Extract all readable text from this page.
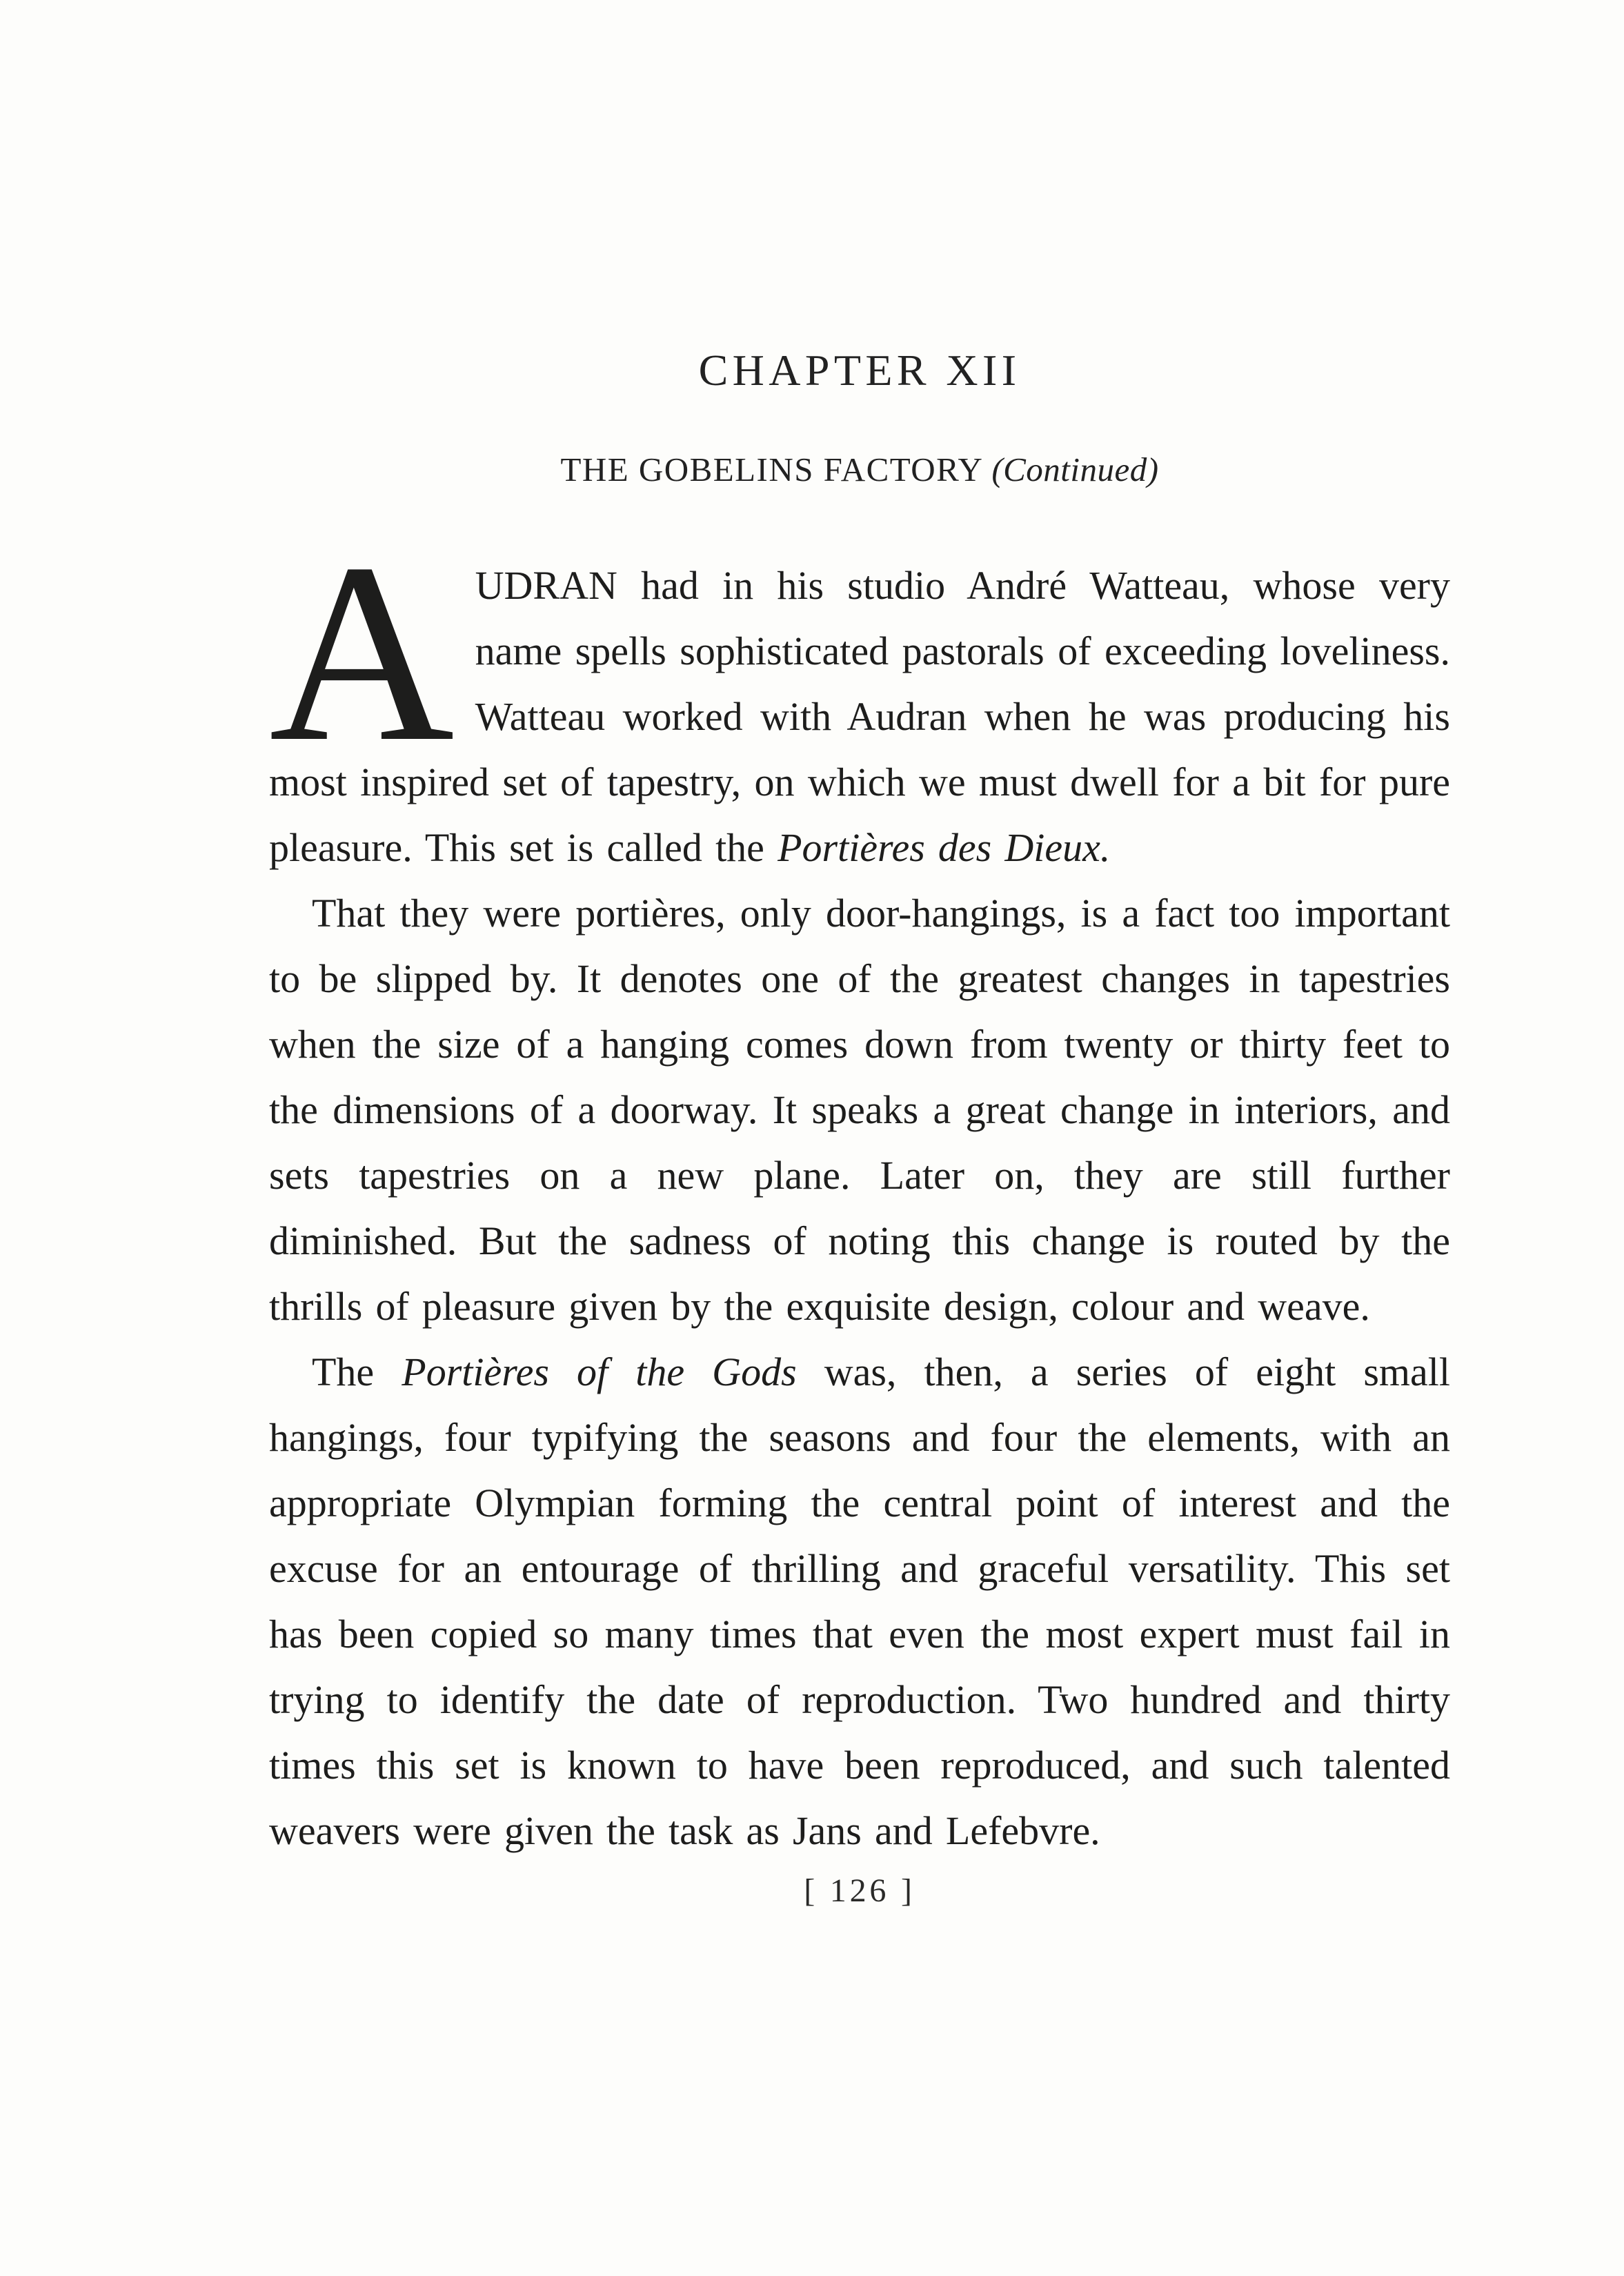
CHAPTER XII
THE GOBELINS FACTORY (Continued)

AUDRAN had in his studio André Watteau, whose very name spells sophisticated pastorals of exceeding loveliness. Watteau worked with Audran when he was producing his most inspired set of tapestry, on which we must dwell for a bit for pure pleasure. This set is called the Portières des Dieux.

That they were portières, only door-hangings, is a fact too important to be slipped by. It denotes one of the greatest changes in tapestries when the size of a hanging comes down from twenty or thirty feet to the dimensions of a doorway. It speaks a great change in interiors, and sets tapestries on a new plane. Later on, they are still further diminished. But the sadness of noting this change is routed by the thrills of pleasure given by the exquisite design, colour and weave.

The Portières of the Gods was, then, a series of eight small hangings, four typifying the seasons and four the elements, with an appropriate Olympian forming the central point of interest and the excuse for an entourage of thrilling and graceful versatility. This set has been copied so many times that even the most expert must fail in trying to identify the date of reproduction. Two hundred and thirty times this set is known to have been reproduced, and such talented weavers were given the task as Jans and Lefebvre.

[ 126 ]
